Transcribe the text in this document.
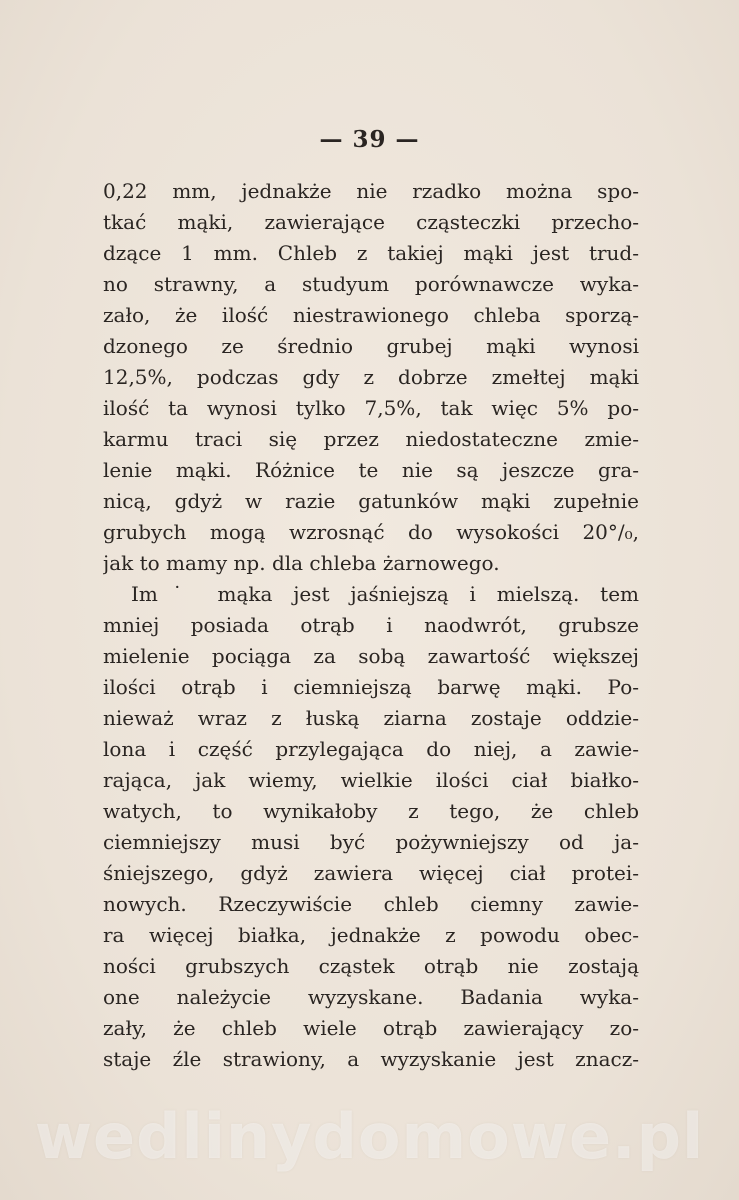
— 39 —
0,22 mm, jednakże nie rzadko można spo-
tkać mąki, zawierające cząsteczki przecho-
dzące 1 mm. Chleb z takiej mąki jest trud-
no strawny, a studyum porównawcze wyka-
zało, że ilość niestrawionego chleba sporzą-
dzonego ze średnio grubej mąki wynosi
12,5%, podczas gdy z dobrze zmełtej mąki
ilość ta wynosi tylko 7,5%, tak więc 5% po-
karmu traci się przez niedostateczne zmie-
lenie mąki. Różnice te nie są jeszcze gra-
nicą, gdyż w razie gatunków mąki zupełnie
grubych mogą wzrosnąć do wysokości 20°/₀,
jak to mamy np. dla chleba żarnowego.
Im˙ mąka jest jaśniejszą i mielszą. tem
mniej posiada otrąb i naodwrót, grubsze
mielenie pociąga za sobą zawartość większej
ilości otrąb i ciemniejszą barwę mąki. Po-
nieważ wraz z łuską ziarna zostaje oddzie-
lona i część przylegająca do niej, a zawie-
rająca, jak wiemy, wielkie ilości ciał białko-
watych, to wynikałoby z tego, że chleb
ciemniejszy musi być pożywniejszy od ja-
śniejszego, gdyż zawiera więcej ciał protei-
nowych. Rzeczywiście chleb ciemny zawie-
ra więcej białka, jednakże z powodu obec-
ności grubszych cząstek otrąb nie zostają
one należycie wyzyskane. Badania wyka-
zały, że chleb wiele otrąb zawierający zo-
staje źle strawiony, a wyzyskanie jest znacz-
wedlinydomowe.pl
